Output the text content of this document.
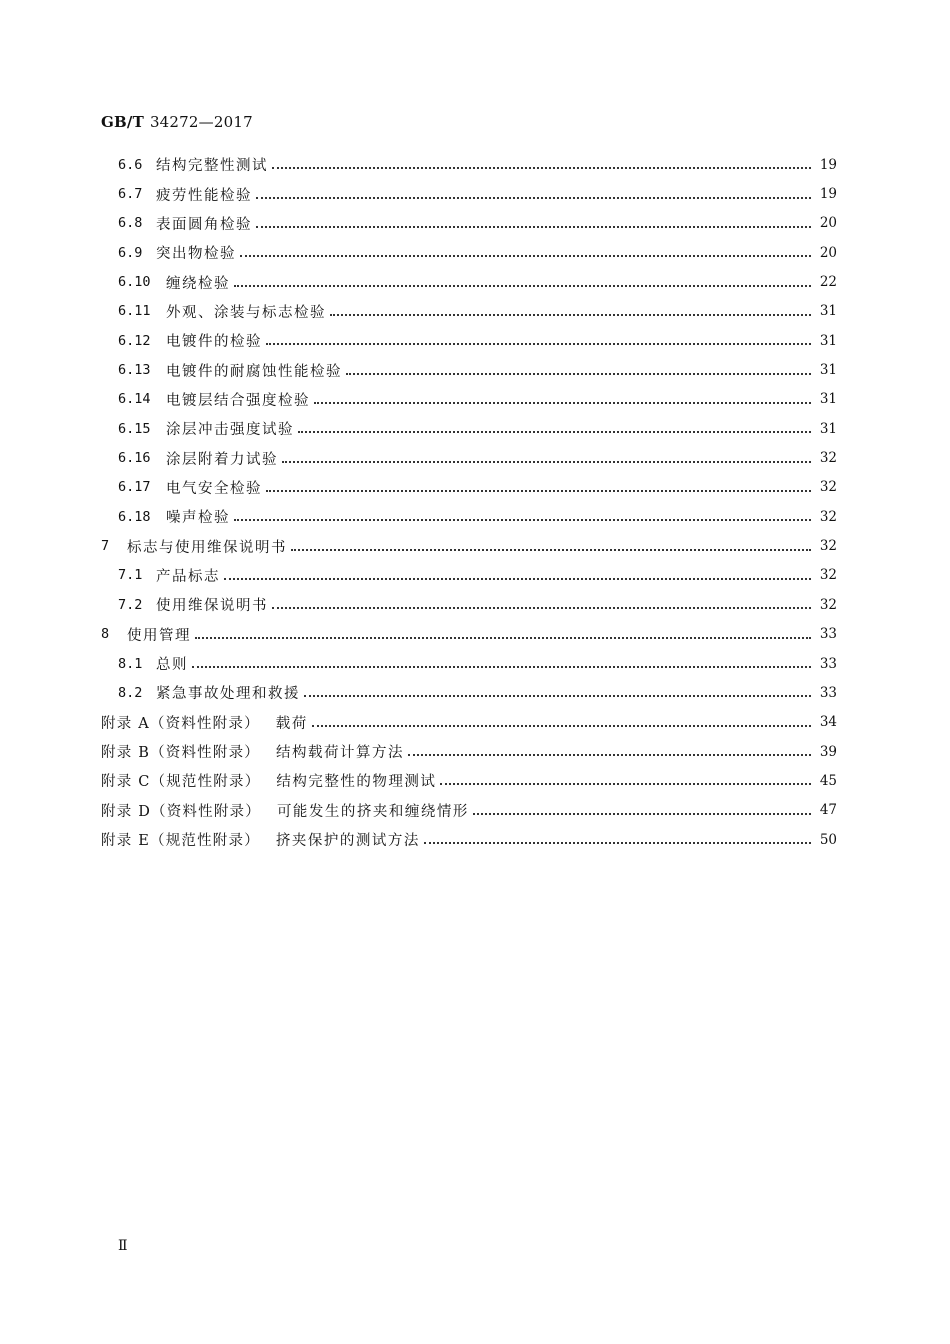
GB/T 34272—2017
6.6 结构完整性测试	19
6.7 疲劳性能检验	19
6.8 表面圆角检验	20
6.9 突出物检验	20
6.10	缠绕检验	22
6.11	外观、涂装与标志检验	31
6.12	电镀件的检验	31
6.13	电镀件的耐腐蚀性能检验	31
6.14	电镀层结合强度检验	31
6.15	涂层冲击强度试验	31
6.16	涂层附着力试验	32
6.17	电气安全检验	32
6.18	噪声检验	32
7	标志与使用维保说明书	32
7.1 产品标志	32
7.2 使用维保说明书	32
8	使用管理	33
8.1 总则	33
8.2 紧急事故处理和救援	33
附录 A（资料性附录） 载荷	34
附录 B（资料性附录） 结构载荷计算方法	39
附录 C（规范性附录） 结构完整性的物理测试	45
附录 D（资料性附录） 可能发生的挤夹和缠绕情形	47
附录 E（规范性附录） 挤夹保护的测试方法	50
Ⅱ
